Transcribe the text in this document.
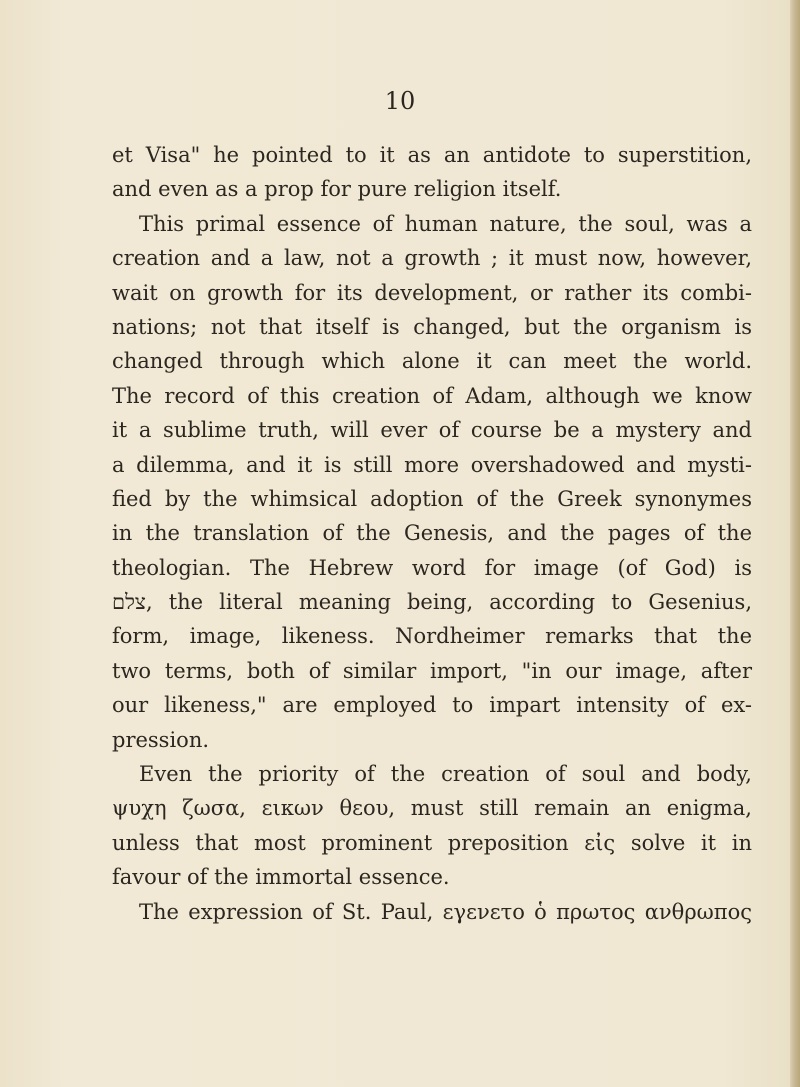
10
et Visa" he pointed to it as an antidote to superstition,
and even as a prop for pure religion itself.
This primal essence of human nature, the soul, was a
creation and a law, not a growth ; it must now, however,
wait on growth for its development, or rather its combi-
nations; not that itself is changed, but the organism is
changed through which alone it can meet the world.
The record of this creation of Adam, although we know
it a sublime truth, will ever of course be a mystery and
a dilemma, and it is still more overshadowed and mysti-
fied by the whimsical adoption of the Greek synonymes
in the translation of the Genesis, and the pages of the
theologian. The Hebrew word for image (of God) is
צלם, the literal meaning being, according to Gesenius,
form, image, likeness. Nordheimer remarks that the
two terms, both of similar import, "in our image, after
our likeness," are employed to impart intensity of ex-
pression.
Even the priority of the creation of soul and body,
ψυχη ζωσα, εικων θεου, must still remain an enigma,
unless that most prominent preposition εἰς solve it in
favour of the immortal essence.
The expression of St. Paul, εγενετο ὁ πρωτος ανθρωπος
